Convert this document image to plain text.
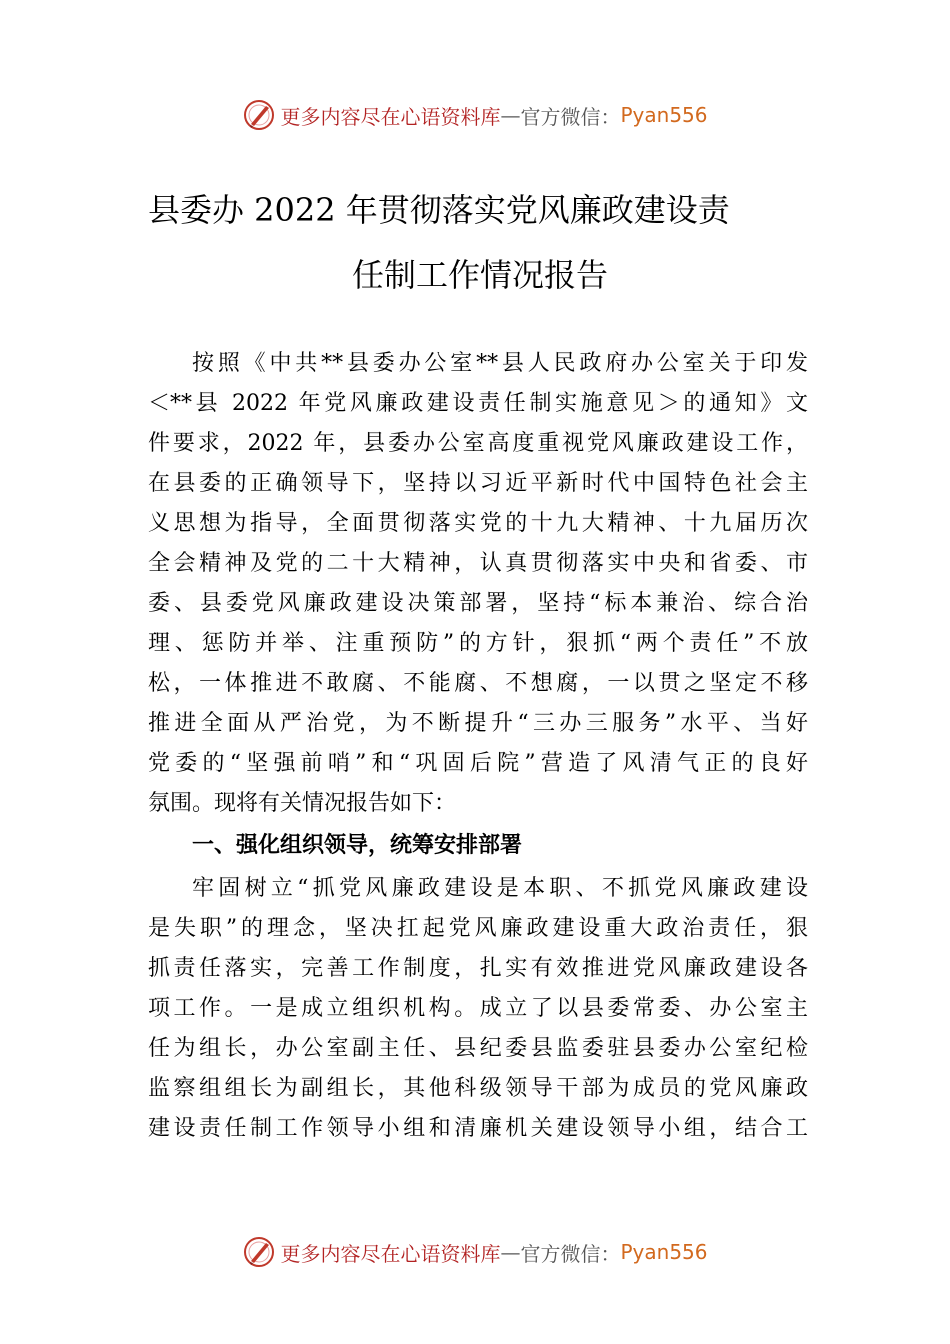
更多内容尽在心语资料库 — 官方微信： Pyan556
县委办 2022 年贯彻落实党风廉政建设责
任制工作情况报告
按照《中共**县委办公室**县人民政府办公室关于印发
＜**县 2022 年党风廉政建设责任制实施意见＞的通知》文
件要求，2022 年，县委办公室高度重视党风廉政建设工作，
在县委的正确领导下，坚持以习近平新时代中国特色社会主
义思想为指导，全面贯彻落实党的十九大精神、十九届历次
全会精神及党的二十大精神，认真贯彻落实中央和省委、市
委、县委党风廉政建设决策部署，坚持“标本兼治、综合治
理、惩防并举、注重预防”的方针，狠抓“两个责任”不放
松，一体推进不敢腐、不能腐、不想腐，一以贯之坚定不移
推进全面从严治党，为不断提升“三办三服务”水平、当好
党委的“坚强前哨”和“巩固后院”营造了风清气正的良好
氛围。现将有关情况报告如下：
一、强化组织领导，统筹安排部署
牢固树立“抓党风廉政建设是本职、不抓党风廉政建设
是失职”的理念，坚决扛起党风廉政建设重大政治责任，狠
抓责任落实，完善工作制度，扎实有效推进党风廉政建设各
项工作。一是成立组织机构。成立了以县委常委、办公室主
任为组长，办公室副主任、县纪委县监委驻县委办公室纪检
监察组组长为副组长，其他科级领导干部为成员的党风廉政
建设责任制工作领导小组和清廉机关建设领导小组，结合工
更多内容尽在心语资料库 — 官方微信： Pyan556
